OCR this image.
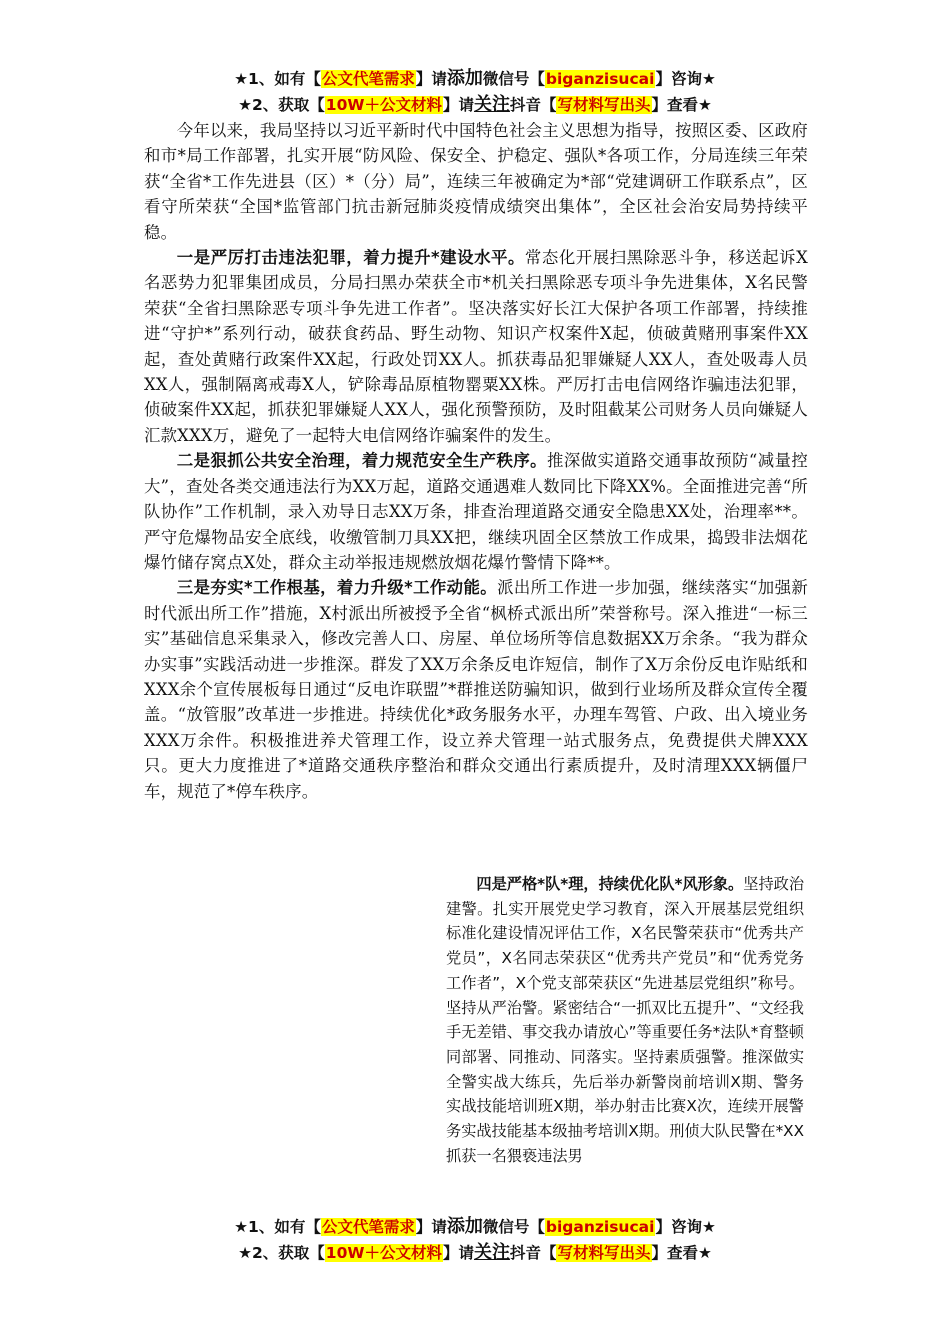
★1、如有【公文代笔需求】请添加微信号【biganzisucai】咨询★
★2、获取【10W＋公文材料】请关注抖音【写材料写出头】查看★

今年以来，我局坚持以习近平新时代中国特色社会主义思想为指导，按照区委、区政府和市*局工作部署，扎实开展“防风险、保安全、护稳定、强队*各项工作，分局连续三年荣获“全省*工作先进县（区）*（分）局”，连续三年被确定为*部“党建调研工作联系点”，区看守所荣获“全国*监管部门抗击新冠肺炎疫情成绩突出集体”，全区社会治安局势持续平稳。

一是严厉打击违法犯罪，着力提升*建设水平。常态化开展扫黑除恶斗争，移送起诉X名恶势力犯罪集团成员，分局扫黑办荣获全市*机关扫黑除恶专项斗争先进集体，X名民警荣获“全省扫黑除恶专项斗争先进工作者”。坚决落实好长江大保护各项工作部署，持续推进“守护*”系列行动，破获食药品、野生动物、知识产权案件X起，侦破黄赌刑事案件XX起，查处黄赌行政案件XX起，行政处罚XX人。抓获毒品犯罪嫌疑人XX人，查处吸毒人员XX人，强制隔离戒毒X人，铲除毒品原植物罂粟XX株。严厉打击电信网络诈骗违法犯罪，侦破案件XX起，抓获犯罪嫌疑人XX人，强化预警预防，及时阻截某公司财务人员向嫌疑人汇款XXX万，避免了一起特大电信网络诈骗案件的发生。

二是狠抓公共安全治理，着力规范安全生产秩序。推深做实道路交通事故预防“减量控大”，查处各类交通违法行为XX万起，道路交通遇难人数同比下降XX%。全面推进完善“所队协作”工作机制，录入劝导日志XX万条，排查治理道路交通安全隐患XX处，治理率**。严守危爆物品安全底线，收缴管制刀具XX把，继续巩固全区禁放工作成果，捣毁非法烟花爆竹储存窝点X处，群众主动举报违规燃放烟花爆竹警情下降**。

三是夯实*工作根基，着力升级*工作动能。派出所工作进一步加强，继续落实“加强新时代派出所工作”措施，X村派出所被授予全省“枫桥式派出所”荣誉称号。深入推进“一标三实”基础信息采集录入，修改完善人口、房屋、单位场所等信息数据XX万余条。“我为群众办实事”实践活动进一步推深。群发了XX万余条反电诈短信，制作了X万余份反电诈贴纸和XXX余个宣传展板每日通过“反电诈联盟”*群推送防骗知识，做到行业场所及群众宣传全覆盖。“放管服”改革进一步推进。持续优化*政务服务水平，办理车驾管、户政、出入境业务XXX万余件。积极推进养犬管理工作，设立养犬管理一站式服务点，免费提供犬牌XXX只。更大力度推进了*道路交通秩序整治和群众交通出行素质提升，及时清理XXX辆僵尸车，规范了*停车秩序。

四是严格*队*理，持续优化队*风形象。坚持政治建警。扎实开展党史学习教育，深入开展基层党组织标准化建设情况评估工作，X名民警荣获市“优秀共产党员”，X名同志荣获区“优秀共产党员”和“优秀党务工作者”，X个党支部荣获区“先进基层党组织”称号。坚持从严治警。紧密结合“一抓双比五提升”、“文经我手无差错、事交我办请放心”等重要任务*法队*育整顿同部署、同推动、同落实。坚持素质强警。推深做实全警实战大练兵，先后举办新警岗前培训X期、警务实战技能培训班X期，举办射击比赛X次，连续开展警务实战技能基本级抽考培训X期。刑侦大队民警在*XX抓获一名猥亵违法男

★1、如有【公文代笔需求】请添加微信号【biganzisucai】咨询★
★2、获取【10W＋公文材料】请关注抖音【写材料写出头】查看★
